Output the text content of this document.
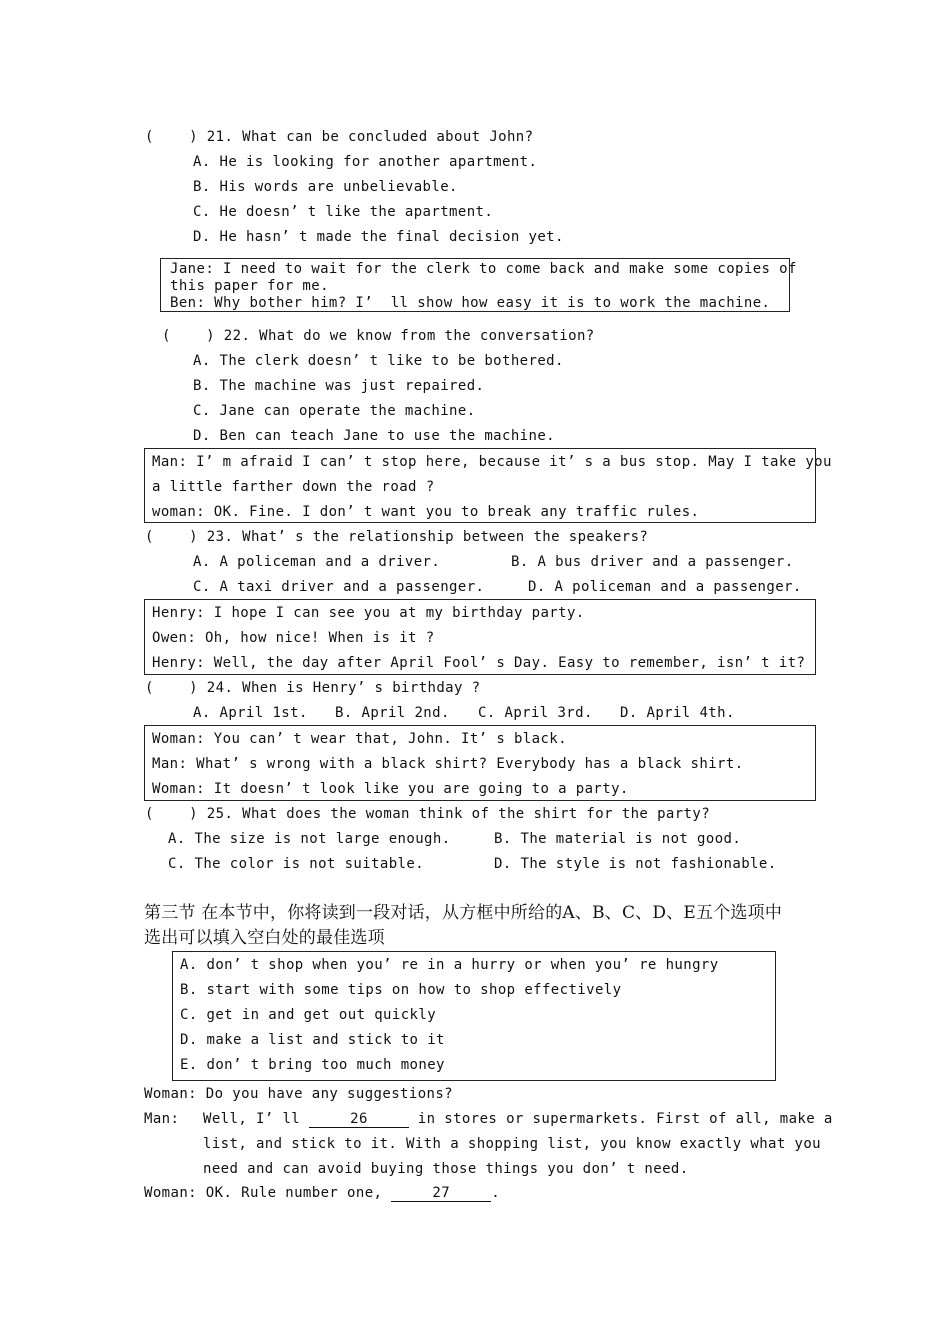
(    ) 21. What can be concluded about John?
A. He is looking for another apartment.
B. His words are unbelievable.
C. He doesn’ t like the apartment.
D. He hasn’ t made the final decision yet.
Jane: I need to wait for the clerk to come back and make some copies of
this paper for me.
Ben: Why bother him? I’  ll show how easy it is to work the machine.
(    ) 22. What do we know from the conversation?
A. The clerk doesn’ t like to be bothered.
B. The machine was just repaired.
C. Jane can operate the machine.
D. Ben can teach Jane to use the machine.
Man: I’ m afraid I can’ t stop here, because it’ s a bus stop. May I take you
a little farther down the road ?
woman: OK. Fine. I don’ t want you to break any traffic rules.
(    ) 23. What’ s the relationship between the speakers?
A. A policeman and a driver.	B. A bus driver and a passenger.
C. A taxi driver and a passenger.	D. A policeman and a passenger.
Henry: I hope I can see you at my birthday party.
Owen: Oh, how nice! When is it ?
Henry: Well, the day after April Fool’ s Day. Easy to remember, isn’ t it?
(    ) 24. When is Henry’ s birthday ?
A. April 1st. B. April 2nd. C. April 3rd. D. April 4th.
Woman: You can’ t wear that, John. It’ s black.
Man: What’ s wrong with a black shirt? Everybody has a black shirt.
Woman: It doesn’ t look like you are going to a party.
(    ) 25. What does the woman think of the shirt for the party?
A. The size is not large enough.	B. The material is not good.
C. The color is not suitable.	D. The style is not fashionable.
第三节 在本节中，你将读到一段对话，从方框中所给的A、B、C、D、E五个选项中
选出可以填入空白处的最佳选项
A. don’ t shop when you’ re in a hurry or when you’ re hungry
B. start with some tips on how to shop effectively
C. get in and get out quickly
D. make a list and stick to it
E. don’ t bring too much money
Woman: Do you have any suggestions?
Man: Well, I’ ll	26	in stores or supermarkets. First of all, make a
list, and stick to it. With a shopping list, you know exactly what you
need and can avoid buying those things you don’ t need.
Woman: OK. Rule number one,	27	.
